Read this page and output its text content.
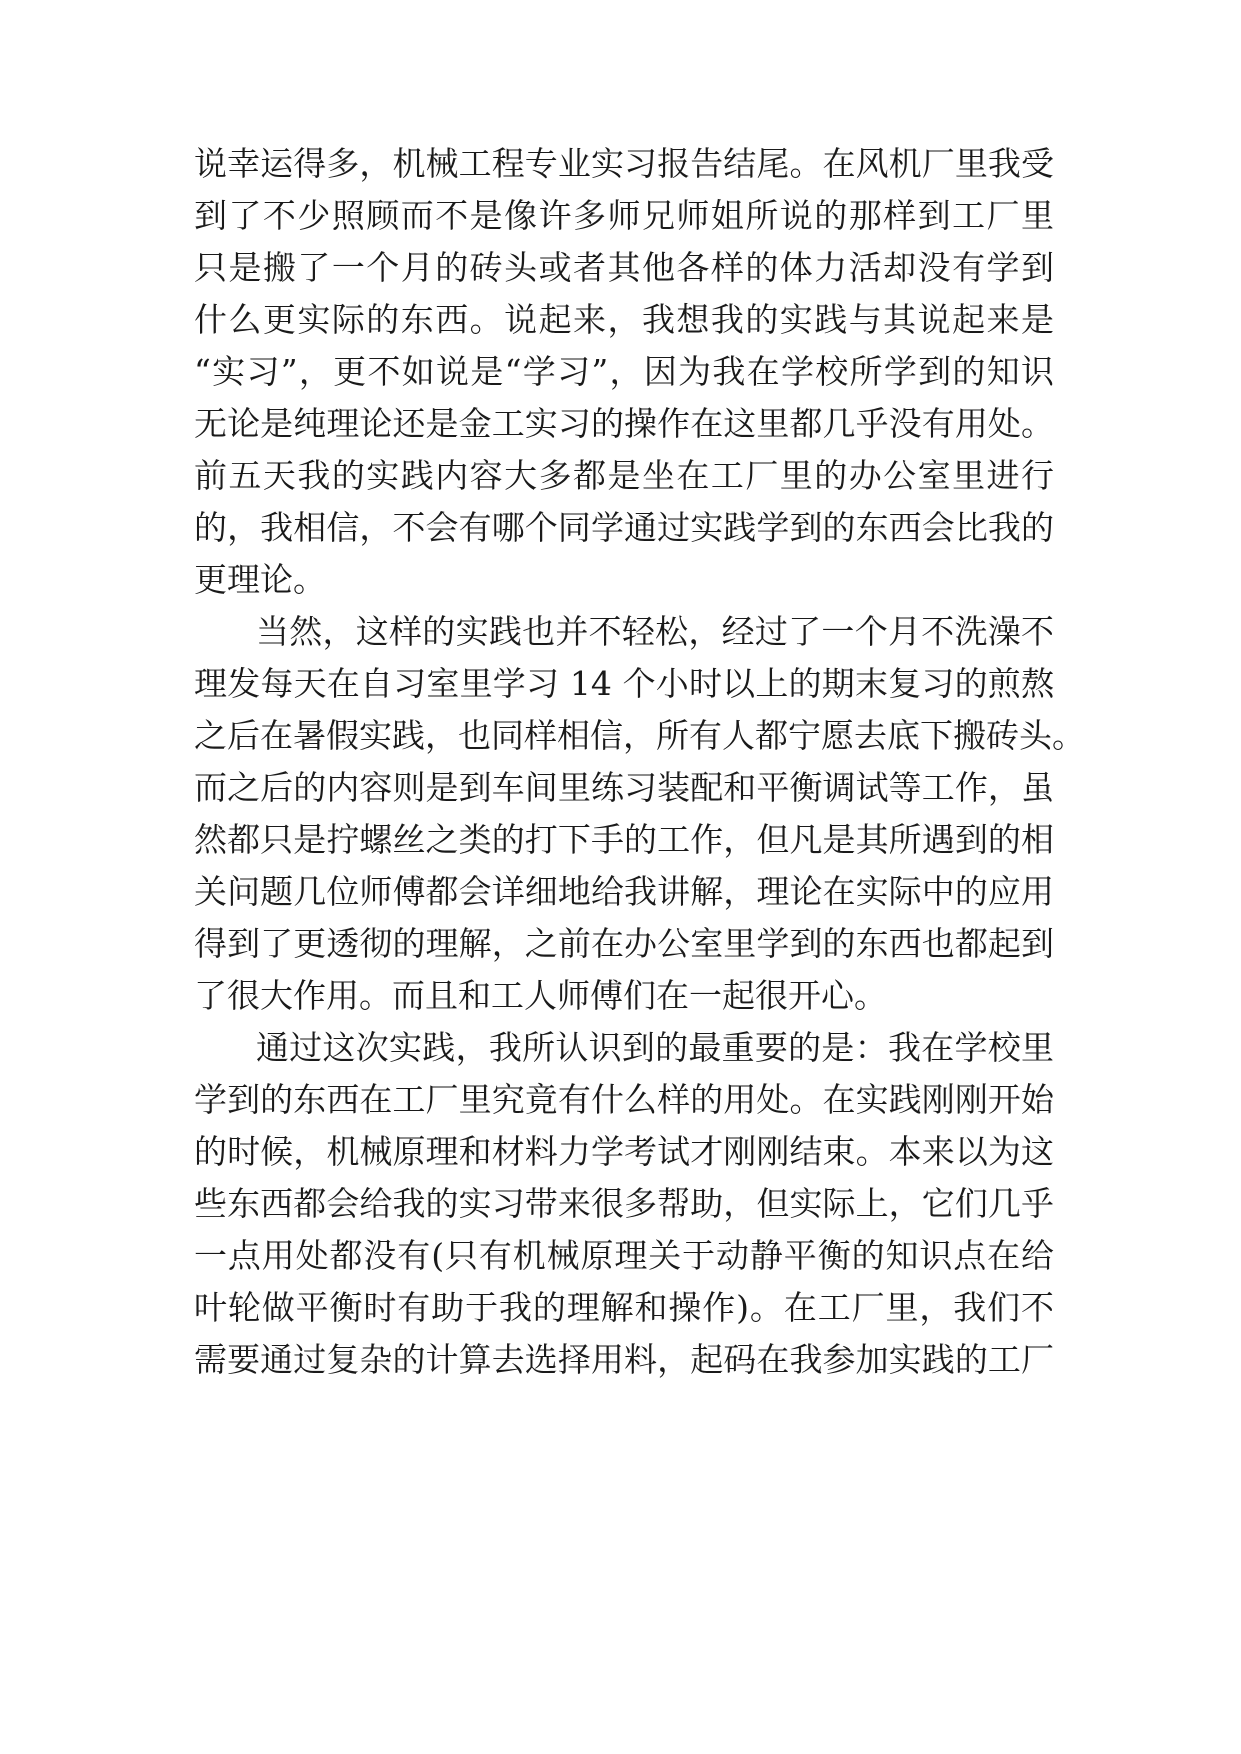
说幸运得多，机械工程专业实习报告结尾。在风机厂里我受
到了不少照顾而不是像许多师兄师姐所说的那样到工厂里
只是搬了一个月的砖头或者其他各样的体力活却没有学到
什么更实际的东西。说起来，我想我的实践与其说起来是
“实习”，更不如说是“学习”，因为我在学校所学到的知识
无论是纯理论还是金工实习的操作在这里都几乎没有用处。
前五天我的实践内容大多都是坐在工厂里的办公室里进行
的，我相信，不会有哪个同学通过实践学到的东西会比我的
更理论。
当然，这样的实践也并不轻松，经过了一个月不洗澡不
理发每天在自习室里学习 14 个小时以上的期末复习的煎熬
之后在暑假实践，也同样相信，所有人都宁愿去底下搬砖头。
而之后的内容则是到车间里练习装配和平衡调试等工作，虽
然都只是拧螺丝之类的打下手的工作，但凡是其所遇到的相
关问题几位师傅都会详细地给我讲解，理论在实际中的应用
得到了更透彻的理解，之前在办公室里学到的东西也都起到
了很大作用。而且和工人师傅们在一起很开心。
通过这次实践，我所认识到的最重要的是：我在学校里
学到的东西在工厂里究竟有什么样的用处。在实践刚刚开始
的时候，机械原理和材料力学考试才刚刚结束。本来以为这
些东西都会给我的实习带来很多帮助，但实际上，它们几乎
一点用处都没有(只有机械原理关于动静平衡的知识点在给
叶轮做平衡时有助于我的理解和操作)。在工厂里，我们不
需要通过复杂的计算去选择用料，起码在我参加实践的工厂
